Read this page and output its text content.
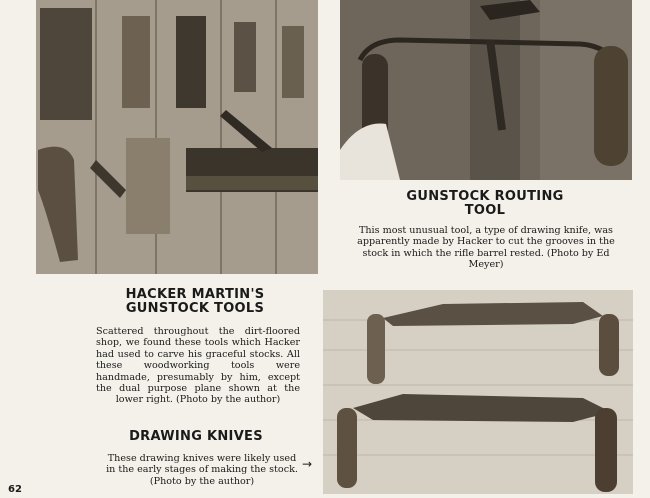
GUNSTOCK ROUTING
TOOL
This most unusual tool, a type of drawing knife, was apparently made by Hacker to cut the grooves in the stock in which the rifle barrel rested. (Photo by Ed Meyer)
HACKER MARTIN'S
GUNSTOCK TOOLS
Scattered throughout the dirt-floored shop, we found these tools which Hacker had used to carve his graceful stocks. All these woodworking tools were handmade, presumably by him, except the dual purpose plane shown at the lower right. (Photo by the author)
DRAWING KNIVES
These drawing knives were likely used in the early stages of making the stock. (Photo by the author)
→
62
